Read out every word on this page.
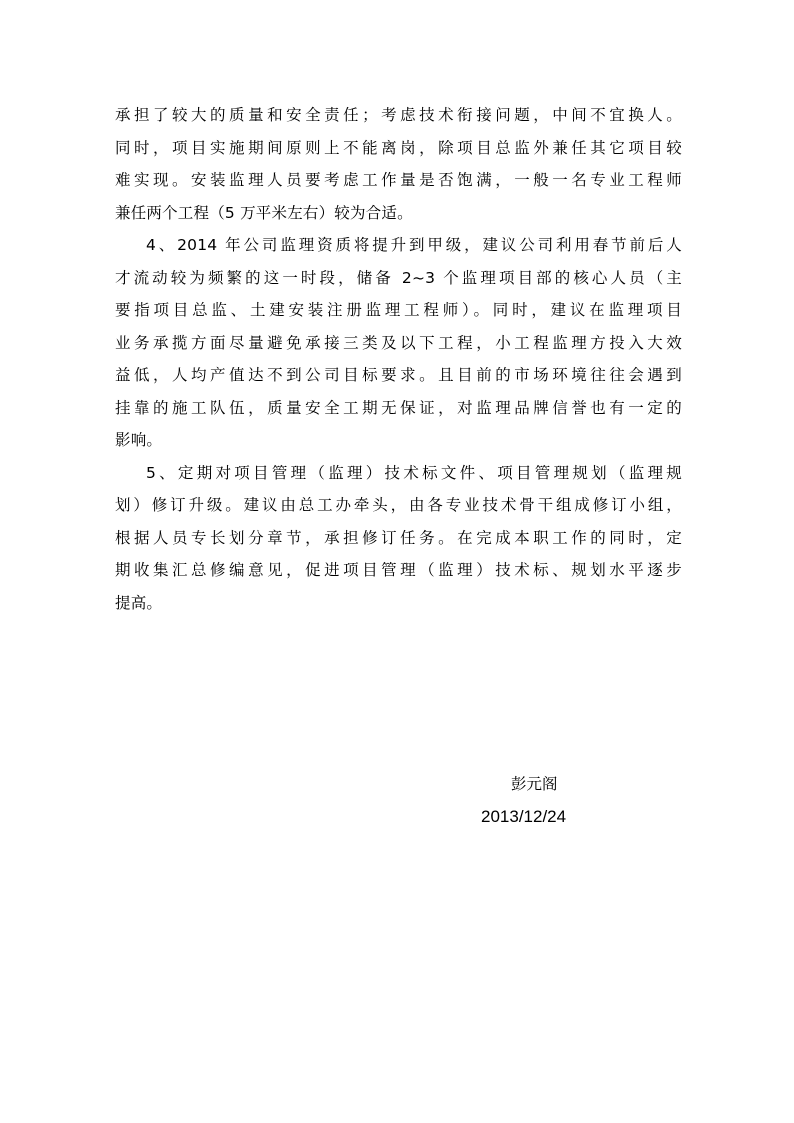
承担了较大的质量和安全责任；考虑技术衔接问题，中间不宜换人。
同时，项目实施期间原则上不能离岗，除项目总监外兼任其它项目较
难实现。安装监理人员要考虑工作量是否饱满，一般一名专业工程师
兼任两个工程（5 万平米左右）较为合适。
4、2014 年公司监理资质将提升到甲级，建议公司利用春节前后人
才流动较为频繁的这一时段，储备 2~3 个监理项目部的核心人员（主
要指项目总监、土建安装注册监理工程师）。同时，建议在监理项目
业务承揽方面尽量避免承接三类及以下工程，小工程监理方投入大效
益低，人均产值达不到公司目标要求。且目前的市场环境往往会遇到
挂靠的施工队伍，质量安全工期无保证，对监理品牌信誉也有一定的
影响。
5、定期对项目管理（监理）技术标文件、项目管理规划（监理规
划）修订升级。建议由总工办牵头，由各专业技术骨干组成修订小组，
根据人员专长划分章节，承担修订任务。在完成本职工作的同时，定
期收集汇总修编意见，促进项目管理（监理）技术标、规划水平逐步
提高。
彭元阁
2013/12/24
